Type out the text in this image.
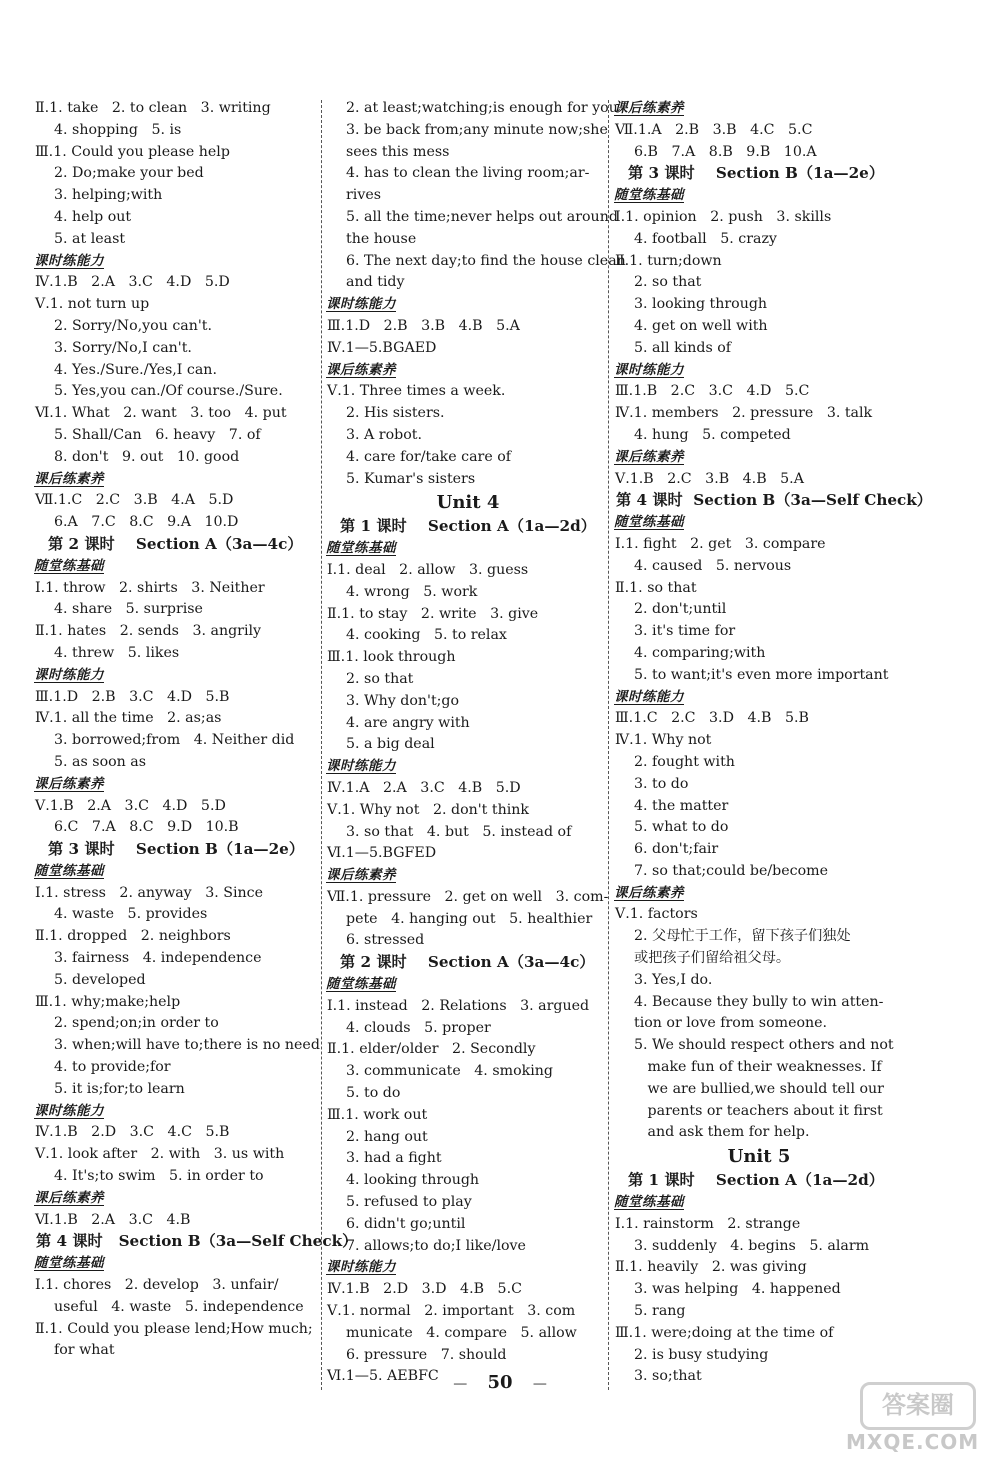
Ⅱ.1. take   2. to clean   3. writing
4. shopping   5. is
Ⅲ.1. Could you please help
2. Do;make your bed
3. helping;with
4. help out
5. at least
课时练能力
Ⅳ.1.B   2.A   3.C   4.D   5.D
Ⅴ.1. not turn up
2. Sorry/No,you can't.
3. Sorry/No,I can't.
4. Yes./Sure./Yes,I can.
5. Yes,you can./Of course./Sure.
Ⅵ.1. What   2. want   3. too   4. put
5. Shall/Can   6. heavy   7. of
8. don't   9. out   10. good
课后练素养
Ⅶ.1.C   2.C   3.B   4.A   5.D
6.A   7.C   8.C   9.A   10.D
第 2 课时    Section A（3a—4c）
随堂练基础
Ⅰ.1. throw   2. shirts   3. Neither
4. share   5. surprise
Ⅱ.1. hates   2. sends   3. angrily
4. threw   5. likes
课时练能力
Ⅲ.1.D   2.B   3.C   4.D   5.B
Ⅳ.1. all the time   2. as;as
3. borrowed;from   4. Neither did
5. as soon as
课后练素养
Ⅴ.1.B   2.A   3.C   4.D   5.D
6.C   7.A   8.C   9.D   10.B
第 3 课时    Section B（1a—2e）
随堂练基础
Ⅰ.1. stress   2. anyway   3. Since
4. waste   5. provides
Ⅱ.1. dropped   2. neighbors
3. fairness   4. independence
5. developed
Ⅲ.1. why;make;help
2. spend;on;in order to
3. when;will have to;there is no need
4. to provide;for
5. it is;for;to learn
课时练能力
Ⅳ.1.B   2.D   3.C   4.C   5.B
Ⅴ.1. look after   2. with   3. us with
4. It's;to swim   5. in order to
课后练素养
Ⅵ.1.B   2.A   3.C   4.B
第 4 课时   Section B（3a—Self Check）
随堂练基础
Ⅰ.1. chores   2. develop   3. unfair/
useful   4. waste   5. independence
Ⅱ.1. Could you please lend;How much;
for what
2. at least;watching;is enough for you
3. be back from;any minute now;she
sees this mess
4. has to clean the living room;ar-
rives
5. all the time;never helps out around
the house
6. The next day;to find the house clean
and tidy
课时练能力
Ⅲ.1.D   2.B   3.B   4.B   5.A
Ⅳ.1—5.BGAED
课后练素养
Ⅴ.1. Three times a week.
2. His sisters.
3. A robot.
4. care for/take care of
5. Kumar's sisters
Unit 4
第 1 课时    Section A（1a—2d）
随堂练基础
Ⅰ.1. deal   2. allow   3. guess
4. wrong   5. work
Ⅱ.1. to stay   2. write   3. give
4. cooking   5. to relax
Ⅲ.1. look through
2. so that
3. Why don't;go
4. are angry with
5. a big deal
课时练能力
Ⅳ.1.A   2.A   3.C   4.B   5.D
Ⅴ.1. Why not   2. don't think
3. so that   4. but   5. instead of
Ⅵ.1—5.BGFED
课后练素养
Ⅶ.1. pressure   2. get on well   3. com-
pete   4. hanging out   5. healthier
6. stressed
第 2 课时    Section A（3a—4c）
随堂练基础
Ⅰ.1. instead   2. Relations   3. argued
4. clouds   5. proper
Ⅱ.1. elder/older   2. Secondly
3. communicate   4. smoking
5. to do
Ⅲ.1. work out
2. hang out
3. had a fight
4. looking through
5. refused to play
6. didn't go;until
7. allows;to do;I like/love
课时练能力
Ⅳ.1.B   2.D   3.D   4.B   5.C
Ⅴ.1. normal   2. important   3. com
municate   4. compare   5. allow
6. pressure   7. should
Ⅵ.1—5. AEBFC
课后练素养
Ⅶ.1.A   2.B   3.B   4.C   5.C
6.B   7.A   8.B   9.B   10.A
第 3 课时    Section B（1a—2e）
随堂练基础
Ⅰ.1. opinion   2. push   3. skills
4. football   5. crazy
Ⅱ.1. turn;down
2. so that
3. looking through
4. get on well with
5. all kinds of
课时练能力
Ⅲ.1.B   2.C   3.C   4.D   5.C
Ⅳ.1. members   2. pressure   3. talk
4. hung   5. competed
课后练素养
Ⅴ.1.B   2.C   3.B   4.B   5.A
第 4 课时  Section B（3a—Self Check）
随堂练基础
Ⅰ.1. fight   2. get   3. compare
4. caused   5. nervous
Ⅱ.1. so that
2. don't;until
3. it's time for
4. comparing;with
5. to want;it's even more important
课时练能力
Ⅲ.1.C   2.C   3.D   4.B   5.B
Ⅳ.1. Why not
2. fought with
3. to do
4. the matter
5. what to do
6. don't;fair
7. so that;could be/become
课后练素养
Ⅴ.1. factors
2. 父母忙于工作，留下孩子们独处
或把孩子们留给祖父母。
3. Yes,I do.
4. Because they bully to win atten-
tion or love from someone.
5. We should respect others and not
make fun of their weaknesses. If
we are bullied,we should tell our
parents or teachers about it first
and ask them for help.
Unit 5
第 1 课时    Section A（1a—2d）
随堂练基础
Ⅰ.1. rainstorm   2. strange
3. suddenly   4. begins   5. alarm
Ⅱ.1. heavily   2. was giving
3. was helping   4. happened
5. rang
Ⅲ.1. were;doing at the time of
2. is busy studying
3. so;that
— 50 —
答案圈
MXQE.COM
